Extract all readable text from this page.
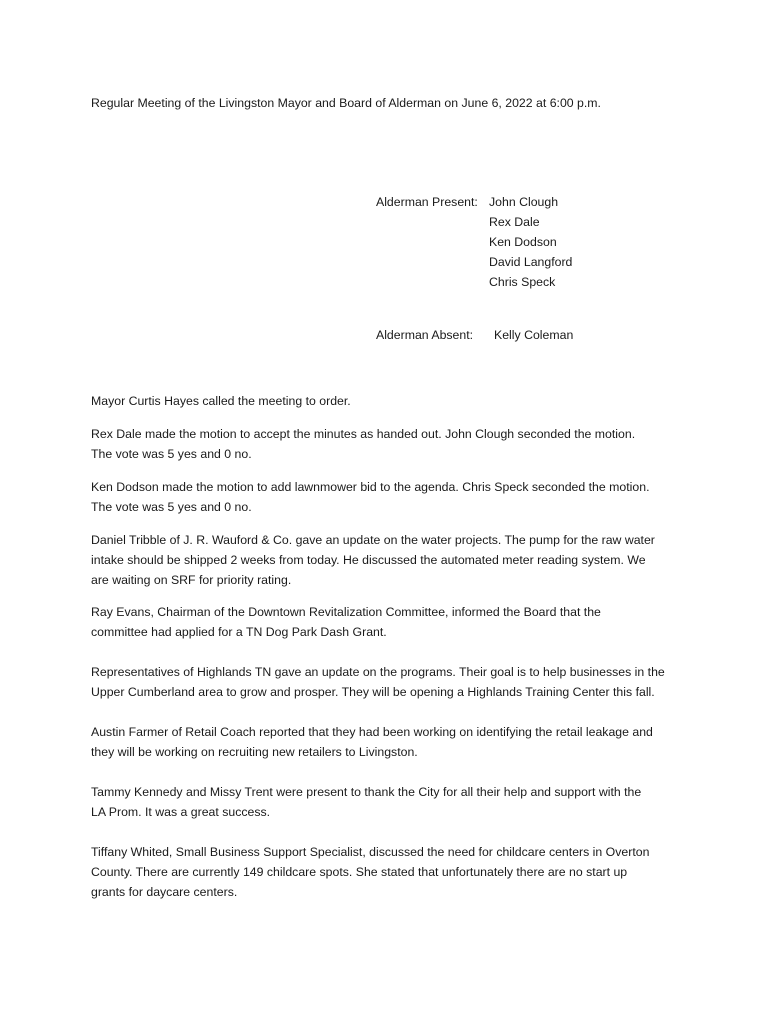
Regular Meeting of the Livingston Mayor and Board of Alderman on June 6, 2022 at 6:00 p.m.
Alderman Present: John Clough
Rex Dale
Ken Dodson
David Langford
Chris Speck
Alderman Absent: Kelly Coleman
Mayor Curtis Hayes called the meeting to order.
Rex Dale made the motion to accept the minutes as handed out. John Clough seconded the motion.
The vote was 5 yes and 0 no.
Ken Dodson made the motion to add lawnmower bid to the agenda. Chris Speck seconded the motion.
The vote was 5 yes and 0 no.
Daniel Tribble of J. R. Wauford & Co. gave an update on the water projects. The pump for the raw water
intake should be shipped 2 weeks from today. He discussed the automated meter reading system. We
are waiting on SRF for priority rating.
Ray Evans, Chairman of the Downtown Revitalization Committee, informed the Board that the
committee had applied for a TN Dog Park Dash Grant.
Representatives of Highlands TN gave an update on the programs. Their goal is to help businesses in the
Upper Cumberland area to grow and prosper. They will be opening a Highlands Training Center this fall.
Austin Farmer of Retail Coach reported that they had been working on identifying the retail leakage and
they will be working on recruiting new retailers to Livingston.
Tammy Kennedy and Missy Trent were present to thank the City for all their help and support with the
LA Prom. It was a great success.
Tiffany Whited, Small Business Support Specialist, discussed the need for childcare centers in Overton
County. There are currently 149 childcare spots. She stated that unfortunately there are no start up
grants for daycare centers.
